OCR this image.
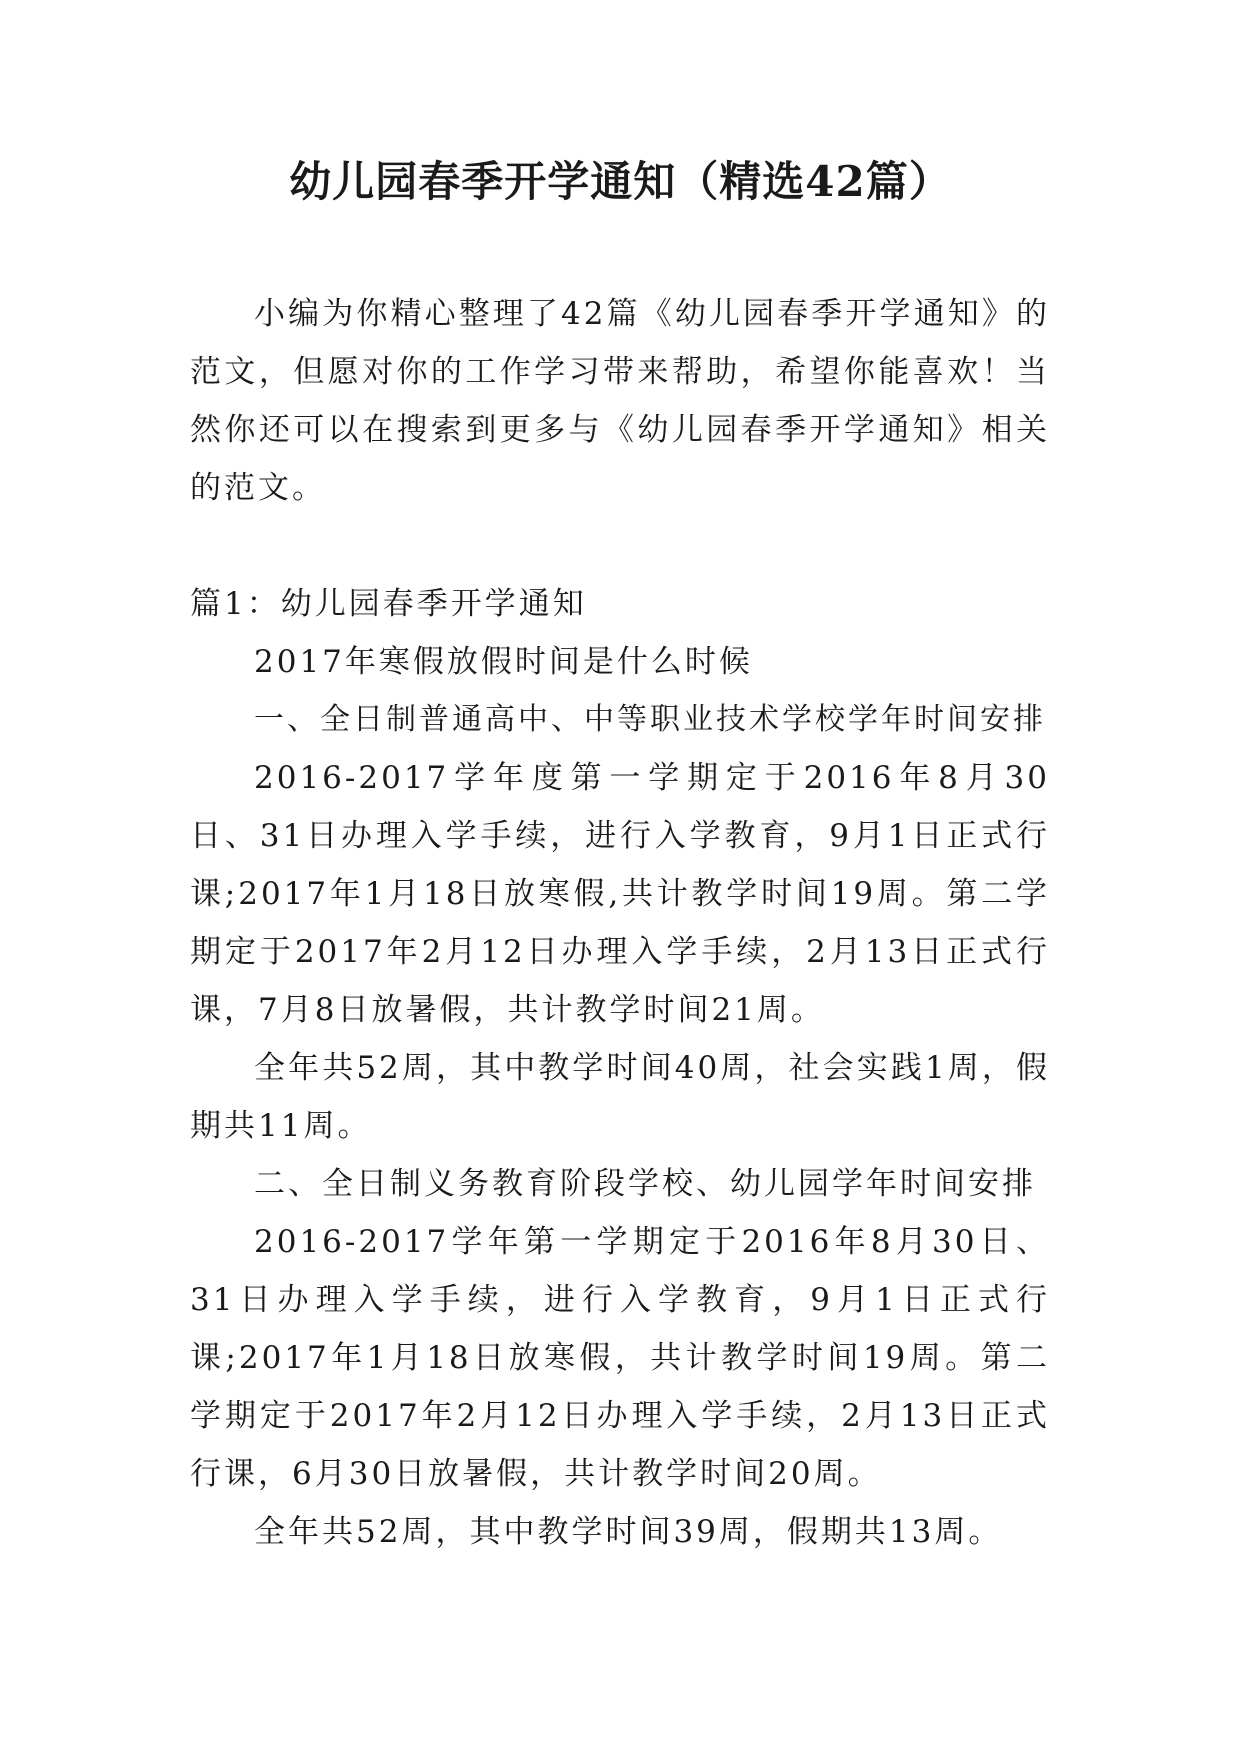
幼儿园春季开学通知（精选42篇）

小编为你精心整理了42篇《幼儿园春季开学通知》的范文，但愿对你的工作学习带来帮助，希望你能喜欢！当然你还可以在搜索到更多与《幼儿园春季开学通知》相关的范文。

篇1：幼儿园春季开学通知

2017年寒假放假时间是什么时候

一、全日制普通高中、中等职业技术学校学年时间安排

2016-2017学年度第一学期定于2016年8月30日、31日办理入学手续，进行入学教育，9月1日正式行课;2017年1月18日放寒假,共计教学时间19周。第二学期定于2017年2月12日办理入学手续，2月13日正式行课，7月8日放暑假，共计教学时间21周。

全年共52周，其中教学时间40周，社会实践1周，假期共11周。

二、全日制义务教育阶段学校、幼儿园学年时间安排

2016-2017学年第一学期定于2016年8月30日、31日办理入学手续，进行入学教育，9月1日正式行课;2017年1月18日放寒假，共计教学时间19周。第二学期定于2017年2月12日办理入学手续，2月13日正式行课，6月30日放暑假，共计教学时间20周。

全年共52周，其中教学时间39周，假期共13周。
